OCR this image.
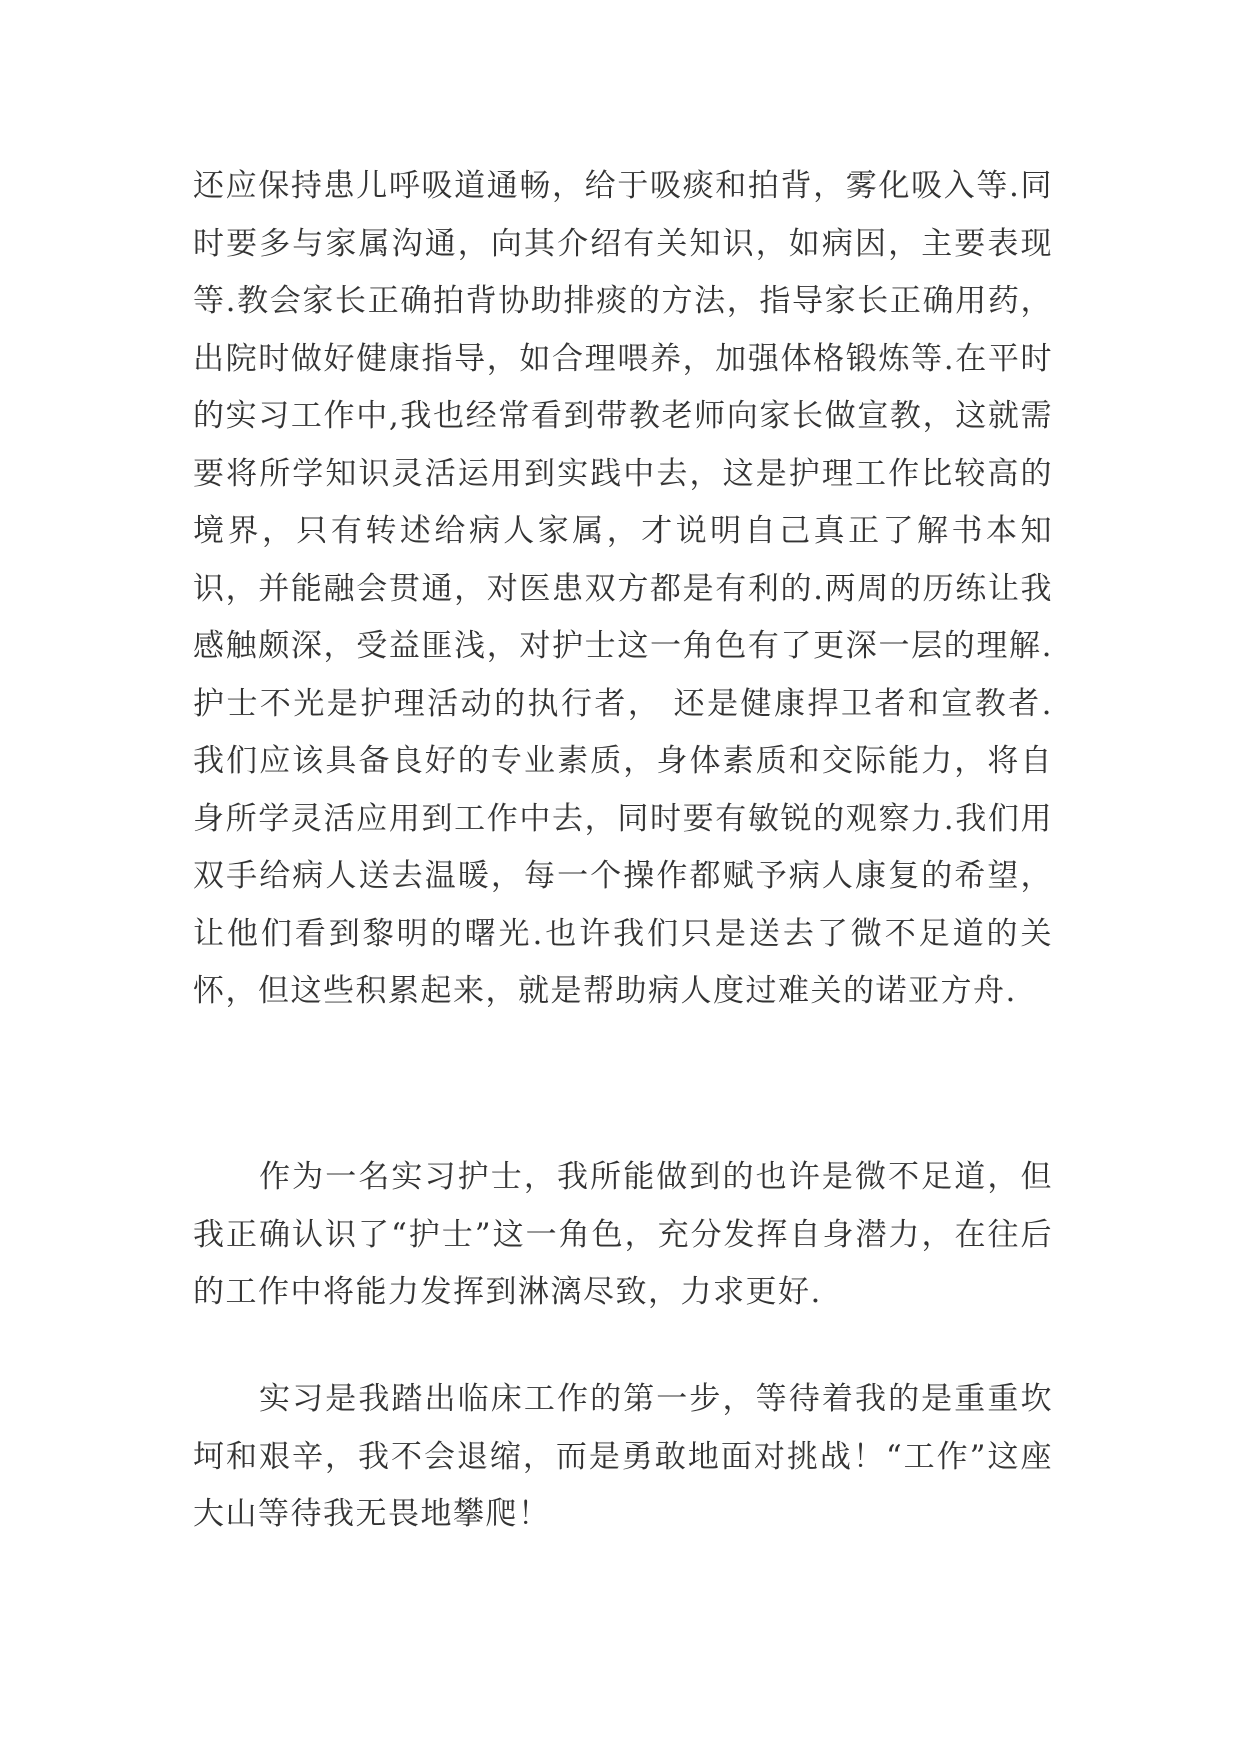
还应保持患儿呼吸道通畅，给于吸痰和拍背，雾化吸入等.同时要多与家属沟通，向其介绍有关知识，如病因，主要表现等.教会家长正确拍背协助排痰的方法，指导家长正确用药，出院时做好健康指导，如合理喂养，加强体格锻炼等.在平时的实习工作中,我也经常看到带教老师向家长做宣教，这就需要将所学知识灵活运用到实践中去，这是护理工作比较高的境界，只有转述给病人家属，才说明自己真正了解书本知识，并能融会贯通，对医患双方都是有利的.两周的历练让我感触颇深，受益匪浅，对护士这一角色有了更深一层的理解.护士不光是护理活动的执行者， 还是健康捍卫者和宣教者.我们应该具备良好的专业素质，身体素质和交际能力，将自身所学灵活应用到工作中去，同时要有敏锐的观察力.我们用双手给病人送去温暖，每一个操作都赋予病人康复的希望，让他们看到黎明的曙光.也许我们只是送去了微不足道的关怀，但这些积累起来，就是帮助病人度过难关的诺亚方舟.

作为一名实习护士，我所能做到的也许是微不足道，但我正确认识了“护士”这一角色，充分发挥自身潜力，在往后的工作中将能力发挥到淋漓尽致，力求更好.

实习是我踏出临床工作的第一步，等待着我的是重重坎坷和艰辛，我不会退缩，而是勇敢地面对挑战！“工作”这座大山等待我无畏地攀爬！
